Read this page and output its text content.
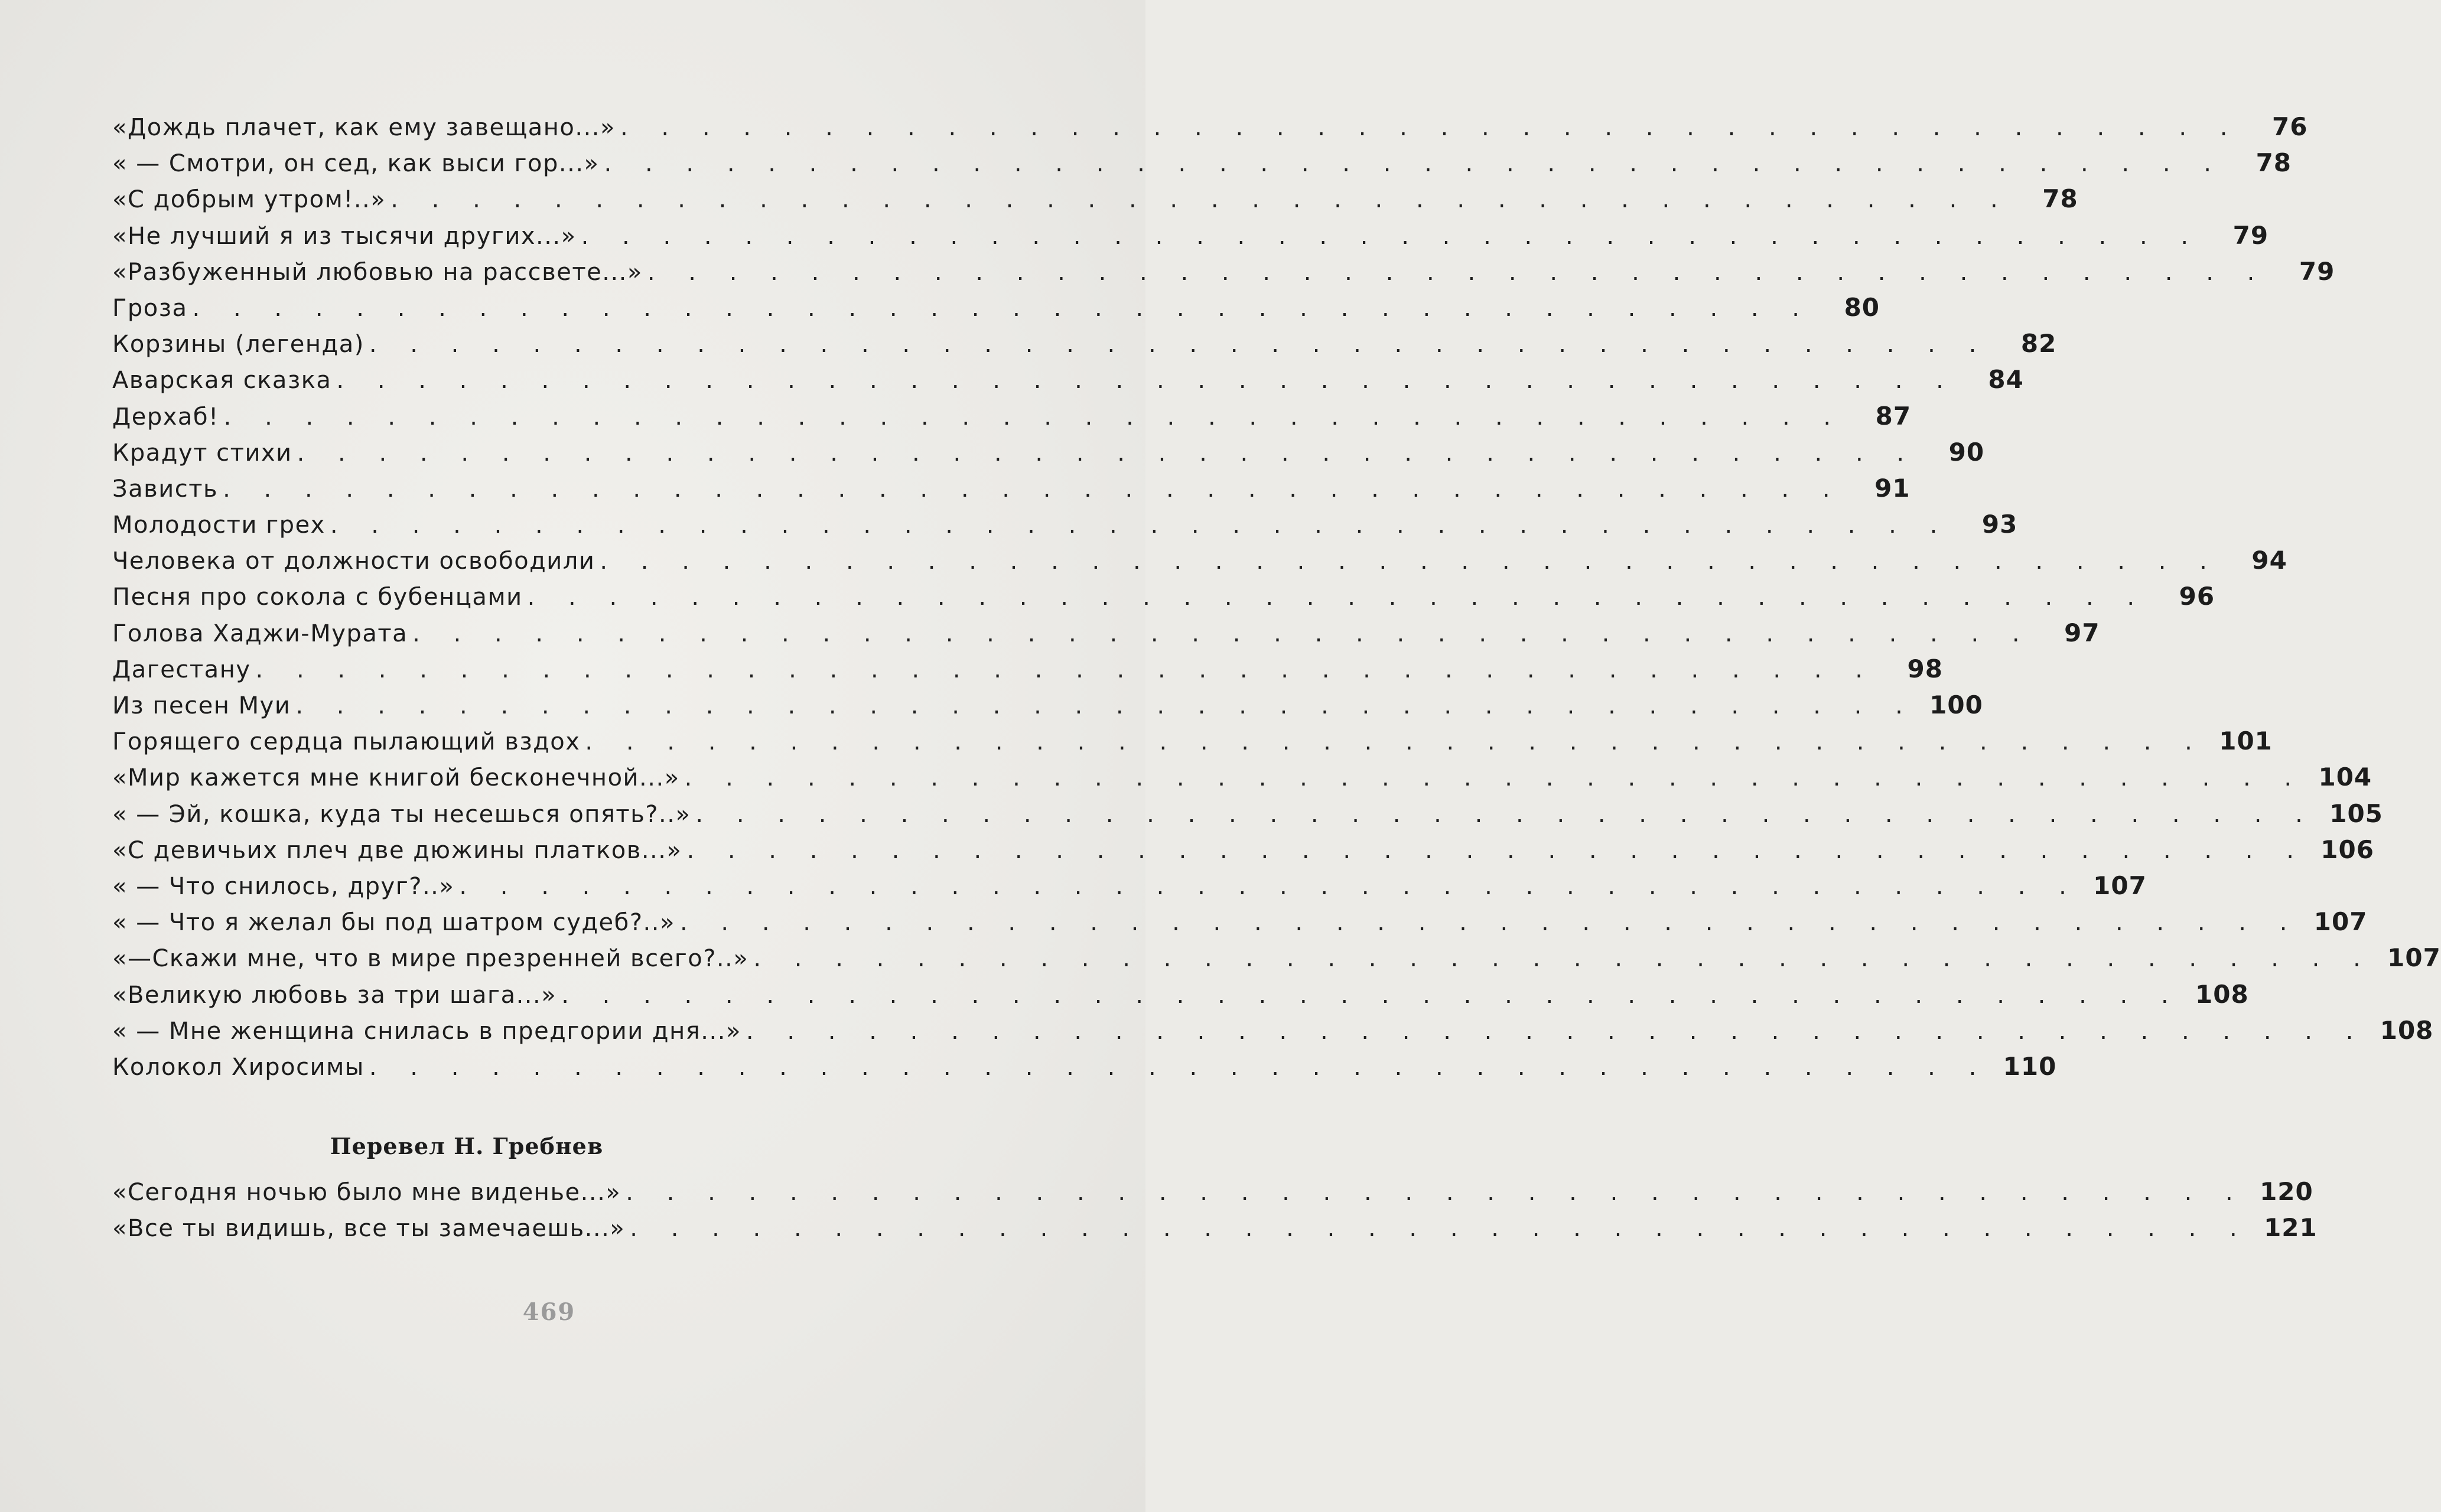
«Дождь плачет, как ему завещано...» . . . . . . . . . . . . . . . . . . . . . . . . . . . . . . . . . . . . . . . .	76
« — Смотри, он сед, как выси гор...» . . . . . . . . . . . . . . . . . . . . . . . . . . . . . . . . . . . . . . . .	78
«С добрым утром!..» . . . . . . . . . . . . . . . . . . . . . . . . . . . . . . . . . . . . . . . .	78
«Не лучший я из тысячи других...» . . . . . . . . . . . . . . . . . . . . . . . . . . . . . . . . . . . . . . . .	79
«Разбуженный любовью на рассвете...» . . . . . . . . . . . . . . . . . . . . . . . . . . . . . . . . . . . . . . . .	79
Гроза . . . . . . . . . . . . . . . . . . . . . . . . . . . . . . . . . . . . . . . .	80
Корзины (легенда) . . . . . . . . . . . . . . . . . . . . . . . . . . . . . . . . . . . . . . . .	82
Аварская сказка . . . . . . . . . . . . . . . . . . . . . . . . . . . . . . . . . . . . . . . .	84
Дерхаб! . . . . . . . . . . . . . . . . . . . . . . . . . . . . . . . . . . . . . . . .	87
Крадут стихи . . . . . . . . . . . . . . . . . . . . . . . . . . . . . . . . . . . . . . . .	90
Зависть . . . . . . . . . . . . . . . . . . . . . . . . . . . . . . . . . . . . . . . .	91
Молодости грех . . . . . . . . . . . . . . . . . . . . . . . . . . . . . . . . . . . . . . . .	93
Человека от должности освободили . . . . . . . . . . . . . . . . . . . . . . . . . . . . . . . . . . . . . . . .	94
Песня про сокола с бубенцами . . . . . . . . . . . . . . . . . . . . . . . . . . . . . . . . . . . . . . . .	96
Голова Хаджи-Мурата . . . . . . . . . . . . . . . . . . . . . . . . . . . . . . . . . . . . . . . .	97
Дагестану . . . . . . . . . . . . . . . . . . . . . . . . . . . . . . . . . . . . . . . .	98
Из песен Муи . . . . . . . . . . . . . . . . . . . . . . . . . . . . . . . . . . . . . . . . 100
Горящего сердца пылающий вздох . . . . . . . . . . . . . . . . . . . . . . . . . . . . . . . . . . . . . . . . 101
«Мир кажется мне книгой бесконечной...» . . . . . . . . . . . . . . . . . . . . . . . . . . . . . . . . . . . . . . . . 104
« — Эй, кошка, куда ты несешься опять?..» . . . . . . . . . . . . . . . . . . . . . . . . . . . . . . . . . . . . . . . . 105
«С девичьих плеч две дюжины платков...» . . . . . . . . . . . . . . . . . . . . . . . . . . . . . . . . . . . . . . . . 106
« — Что снилось, друг?..» . . . . . . . . . . . . . . . . . . . . . . . . . . . . . . . . . . . . . . . . 107
« — Что я желал бы под шатром судеб?..» . . . . . . . . . . . . . . . . . . . . . . . . . . . . . . . . . . . . . . . . 107
«—Скажи мне, что в мире презренней всего?..» . . . . . . . . . . . . . . . . . . . . . . . . . . . . . . . . . . . . . . . . 107
«Великую любовь за три шага...» . . . . . . . . . . . . . . . . . . . . . . . . . . . . . . . . . . . . . . . . 108
« — Мне женщина снилась в предгории дня...» . . . . . . . . . . . . . . . . . . . . . . . . . . . . . . . . . . . . . . . . 108
Колокол Хиросимы . . . . . . . . . . . . . . . . . . . . . . . . . . . . . . . . . . . . . . . . 110
Перевел Н. Гребнев
«Сегодня ночью было мне виденье...» . . . . . . . . . . . . . . . . . . . . . . . . . . . . . . . . . . . . . . . . 120
«Все ты видишь, все ты замечаешь...» . . . . . . . . . . . . . . . . . . . . . . . . . . . . . . . . . . . . . . . . 121
469
